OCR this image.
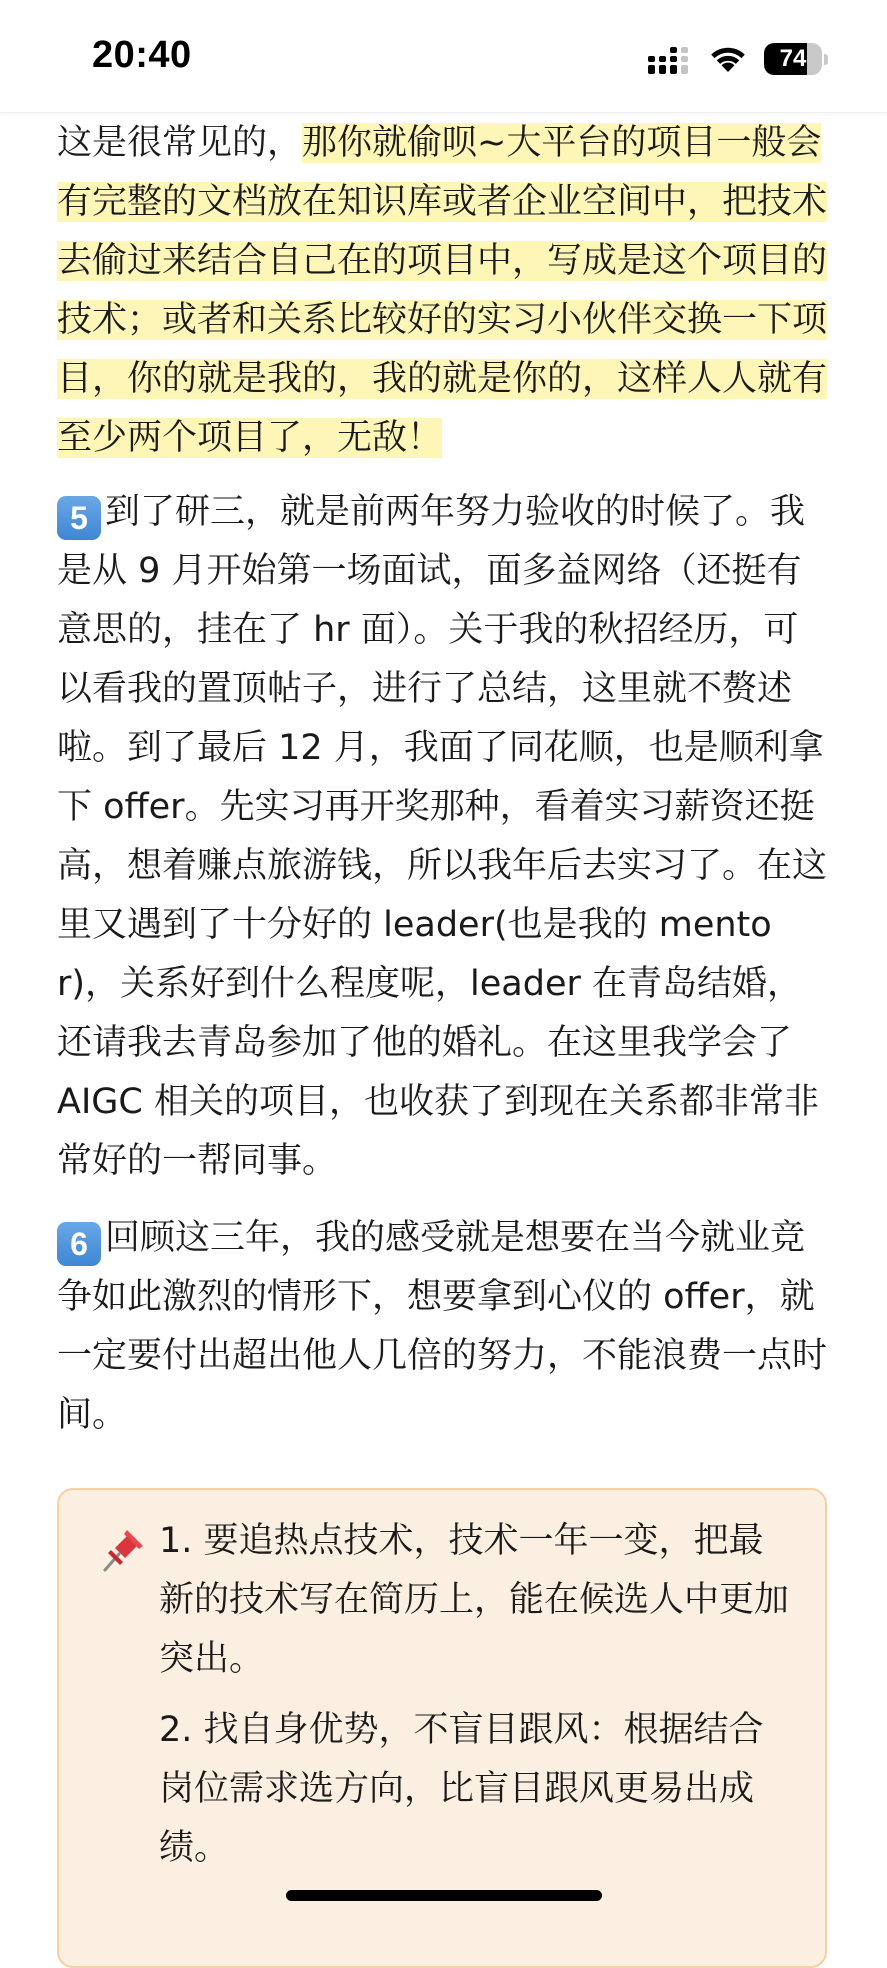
20:40	74

这是很常见的，那你就偷呗~大平台的项目一般会有完整的文档放在知识库或者企业空间中，把技术去偷过来结合自己在的项目中，写成是这个项目的技术；或者和关系比较好的实习小伙伴交换一下项目，你的就是我的，我的就是你的，这样人人就有至少两个项目了，无敌！

5 到了研三，就是前两年努力验收的时候了。我是从 9 月开始第一场面试，面多益网络（还挺有意思的，挂在了 hr 面）。关于我的秋招经历，可以看我的置顶帖子，进行了总结，这里就不赘述啦。到了最后 12 月，我面了同花顺，也是顺利拿下 offer。先实习再开奖那种，看着实习薪资还挺高，想着赚点旅游钱，所以我年后去实习了。在这里又遇到了十分好的 leader(也是我的 mentor)，关系好到什么程度呢，leader 在青岛结婚，还请我去青岛参加了他的婚礼。在这里我学会了 AIGC 相关的项目，也收获了到现在关系都非常非常好的一帮同事。

6 回顾这三年，我的感受就是想要在当今就业竞争如此激烈的情形下，想要拿到心仪的 offer，就一定要付出超出他人几倍的努力，不能浪费一点时间。

1. 要追热点技术，技术一年一变，把最新的技术写在简历上，能在候选人中更加突出。

2. 找自身优势，不盲目跟风：根据结合岗位需求选方向，比盲目跟风更易出成绩。
